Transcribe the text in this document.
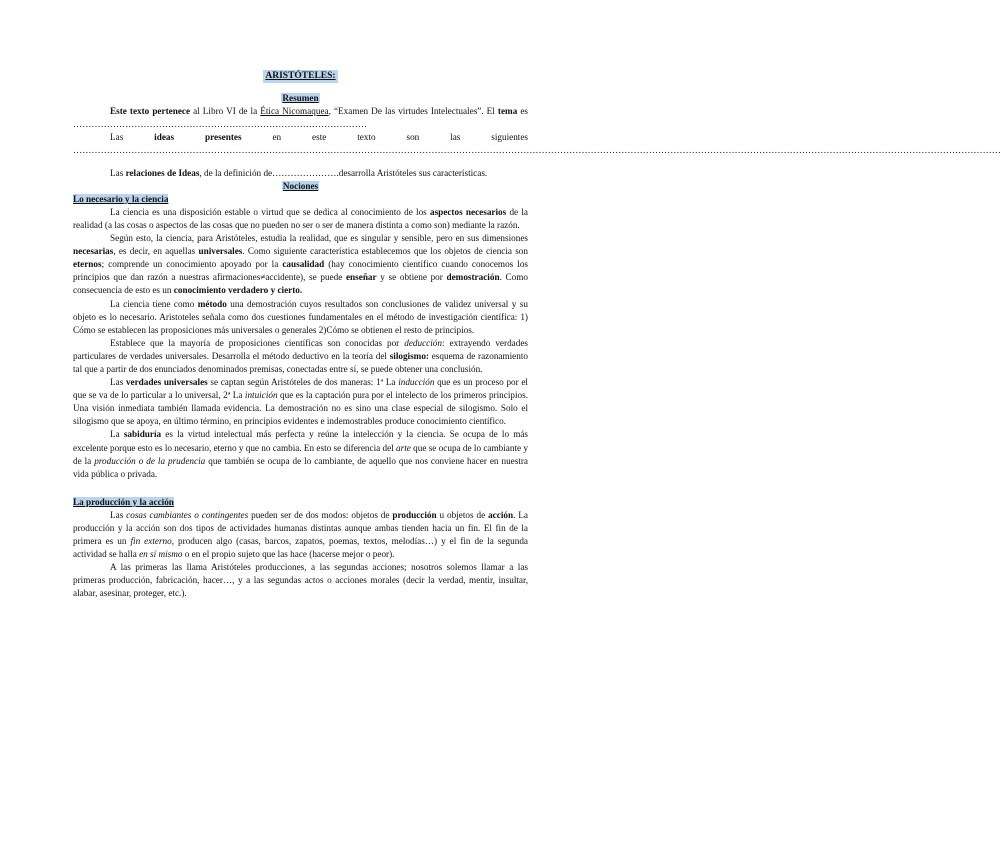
ARISTÓTELES:
Resumen

Este texto pertenece al Libro VI de la Ética Nicomaquea, “Examen De las virtudes Intelectuales”. El tema es ……………………………………………………………………………………

Las ideas presentes en este texto son las siguientes ……………………………………………………………………………………………………………………………………………………………………………………………………………………………………………………………………………

Las relaciones de Ideas, de la definición de………………….desarrolla Aristóteles sus características.

Nociones
Lo necesario y la ciencia

La ciencia es una disposición estable o virtud que se dedica al conocimiento de los aspectos necesarios de la realidad (a las cosas o aspectos de las cosas que no pueden no ser o ser de manera distinta a como son) mediante la razón.

Según esto, la ciencia, para Aristóteles, estudia la realidad, que es singular y sensible, pero en sus dimensiones necesarias, es decir, en aquellas universales. Como siguiente característica establecemos que los objetos de ciencia son eternos; comprende un conocimiento apoyado por la causalidad (hay conocimiento científico cuando conocemos los principios que dan razón a nuestras afirmaciones≠accidente), se puede enseñar y se obtiene por demostración. Como consecuencia de esto es un conocimiento verdadero y cierto.

La ciencia tiene como método una demostración cuyos resultados son conclusiones de validez universal y su objeto es lo necesario. Aristoteles señala como dos cuestiones fundamentales en el método de investigación científica: 1) Cómo se establecen las proposiciones más universales o generales 2)Cómo se obtienen el resto de principios.

Establece que la mayoría de proposiciones científicas son conocidas por deducción: extrayendo verdades particulares de verdades universales. Desarrolla el método deductivo en la teoría del silogismo: esquema de razonamiento tal que a partir de dos enunciados denominados premisas, conectadas entre sí, se puede obtener una conclusión.

Las verdades universales se captan según Aristóteles de dos maneras: 1ª La inducción que es un proceso por el que se va de lo particular a lo universal, 2ª La intuición que es la captación pura por el intelecto de los primeros principios. Una visión inmediata también llamada evidencia. La demostración no es sino una clase especial de silogismo. Solo el silogismo que se apoya, en último término, en principios evidentes e indemostrables produce conocimiento científico.

La sabiduría es la virtud intelectual más perfecta y reúne la intelección y la ciencia. Se ocupa de lo más excelente porque esto es lo necesario, eterno y que no cambia. En esto se diferencia del arte que se ocupa de lo cambiante y de la producción o de la prudencia que también se ocupa de lo cambiante, de aquello que nos conviene hacer en nuestra vida pública o privada.

La producción y la acción

Las cosas cambiantes o contingentes pueden ser de dos modos: objetos de producción u objetos de acción. La producción y la acción son dos tipos de actividades humanas distintas aunque ambas tienden hacia un fin. El fin de la primera es un fin externo, producen algo (casas, barcos, zapatos, poemas, textos, melodías…) y el fin de la segunda actividad se halla en sí mismo o en el propio sujeto que las hace (hacerse mejor o peor).

A las primeras las llama Aristóteles producciones, a las segundas acciones; nosotros solemos llamar a las primeras producción, fabricación, hacer…, y a las segundas actos o acciones morales (decir la verdad, mentir, insultar, alabar, asesinar, proteger, etc.).
